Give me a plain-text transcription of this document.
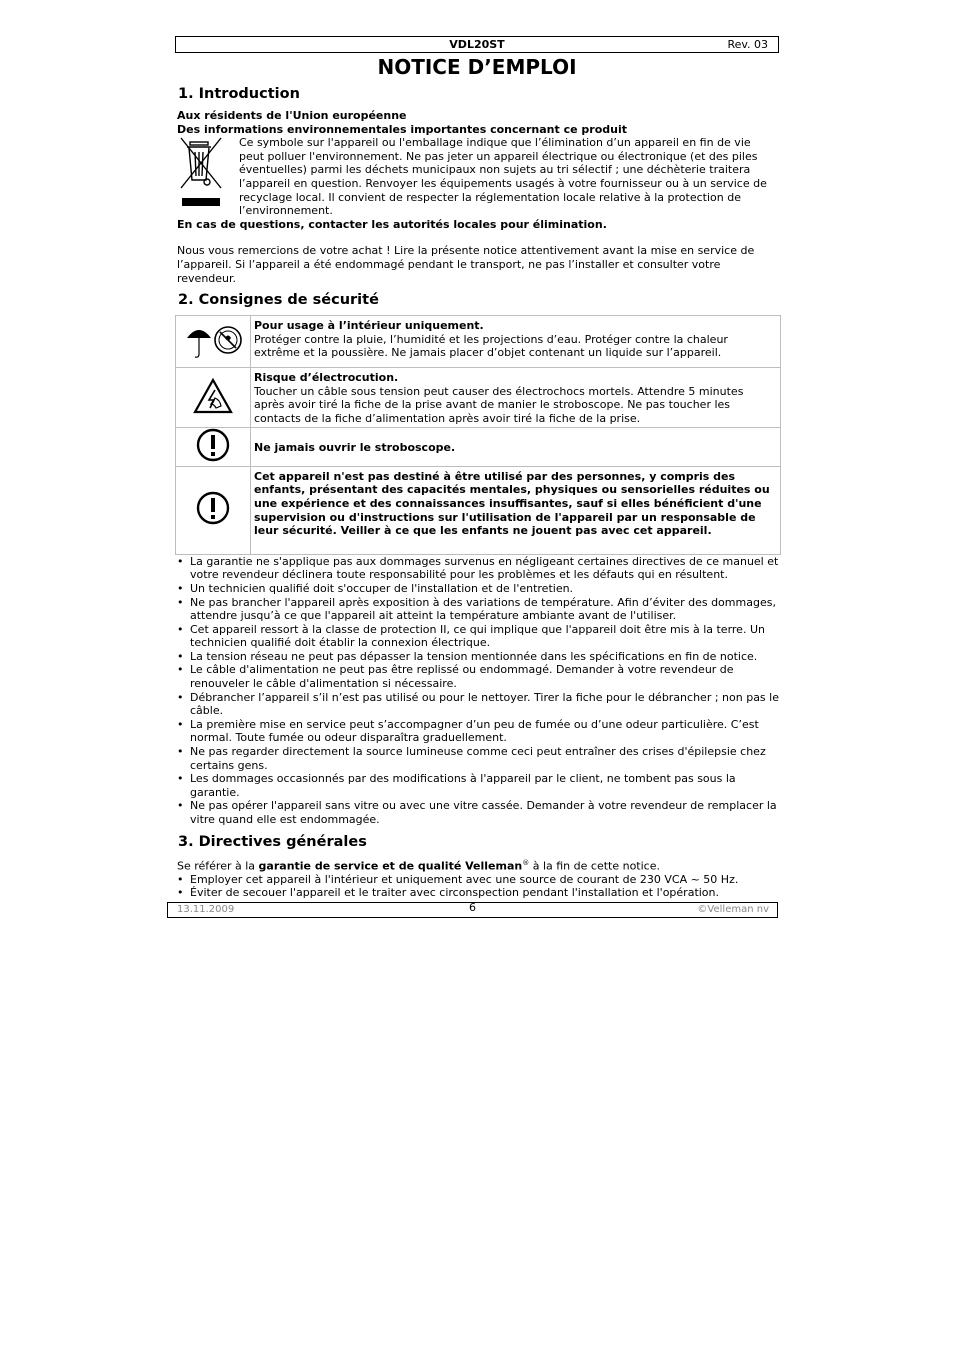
VDL20ST	Rev. 03
NOTICE D’EMPLOI
1. Introduction

Aux résidents de l'Union européenne

Des informations environnementales importantes concernant ce produit

Ce symbole sur l'appareil ou l'emballage indique que l’élimination d’un appareil en fin de vie peut polluer l'environnement. Ne pas jeter un appareil électrique ou électronique (et des piles éventuelles) parmi les déchets municipaux non sujets au tri sélectif ; une déchèterie traitera l’appareil en question. Renvoyer les équipements usagés à votre fournisseur ou à un service de recyclage local. Il convient de respecter la réglementation locale relative à la protection de l’environnement.

En cas de questions, contacter les autorités locales pour élimination.

Nous vous remercions de votre achat ! Lire la présente notice attentivement avant la mise en service de l’appareil. Si l’appareil a été endommagé pendant le transport, ne pas l’installer et consulter votre revendeur.

2. Consignes de sécurité

Pour usage à l’intérieur uniquement.
Protéger contre la pluie, l’humidité et les projections d’eau. Protéger contre la chaleur extrême et la poussière. Ne jamais placer d’objet contenant un liquide sur l’appareil.

Risque d’électrocution.
Toucher un câble sous tension peut causer des électrochocs mortels. Attendre 5 minutes après avoir tiré la fiche de la prise avant de manier le stroboscope. Ne pas toucher les contacts de la fiche d’alimentation après avoir tiré la fiche de la prise.

Ne jamais ouvrir le stroboscope.

Cet appareil n'est pas destiné à être utilisé par des personnes, y compris des enfants, présentant des capacités mentales, physiques ou sensorielles réduites ou une expérience et des connaissances insuffisantes, sauf si elles bénéficient d'une supervision ou d'instructions sur l'utilisation de l'appareil par un responsable de leur sécurité. Veiller à ce que les enfants ne jouent pas avec cet appareil.
• La garantie ne s'applique pas aux dommages survenus en négligeant certaines directives de ce manuel et votre revendeur déclinera toute responsabilité pour les problèmes et les défauts qui en résultent.
• Un technicien qualifié doit s'occuper de l'installation et de l'entretien.
• Ne pas brancher l'appareil après exposition à des variations de température. Afin d’éviter des dommages, attendre jusqu’à ce que l'appareil ait atteint la température ambiante avant de l'utiliser.
• Cet appareil ressort à la classe de protection II, ce qui implique que l'appareil doit être mis à la terre. Un technicien qualifié doit établir la connexion électrique.
• La tension réseau ne peut pas dépasser la tension mentionnée dans les spécifications en fin de notice.
• Le câble d'alimentation ne peut pas être replissé ou endommagé. Demander à votre revendeur de renouveler le câble d'alimentation si nécessaire.
• Débrancher l’appareil s’il n’est pas utilisé ou pour le nettoyer. Tirer la fiche pour le débrancher ; non pas le câble.
• La première mise en service peut s’accompagner d’un peu de fumée ou d’une odeur particulière. C’est normal. Toute fumée ou odeur disparaîtra graduellement.
• Ne pas regarder directement la source lumineuse comme ceci peut entraîner des crises d'épilepsie chez certains gens.
• Les dommages occasionnés par des modifications à l'appareil par le client, ne tombent pas sous la garantie.
• Ne pas opérer l'appareil sans vitre ou avec une vitre cassée. Demander à votre revendeur de remplacer la vitre quand elle est endommagée.
3. Directives générales

Se référer à la garantie de service et de qualité Velleman® à la fin de cette notice.

• Employer cet appareil à l'intérieur et uniquement avec une source de courant de 230 VCA ~ 50 Hz.
• Éviter de secouer l'appareil et le traiter avec circonspection pendant l'installation et l'opération.
13.11.2009	6	©Velleman nv
